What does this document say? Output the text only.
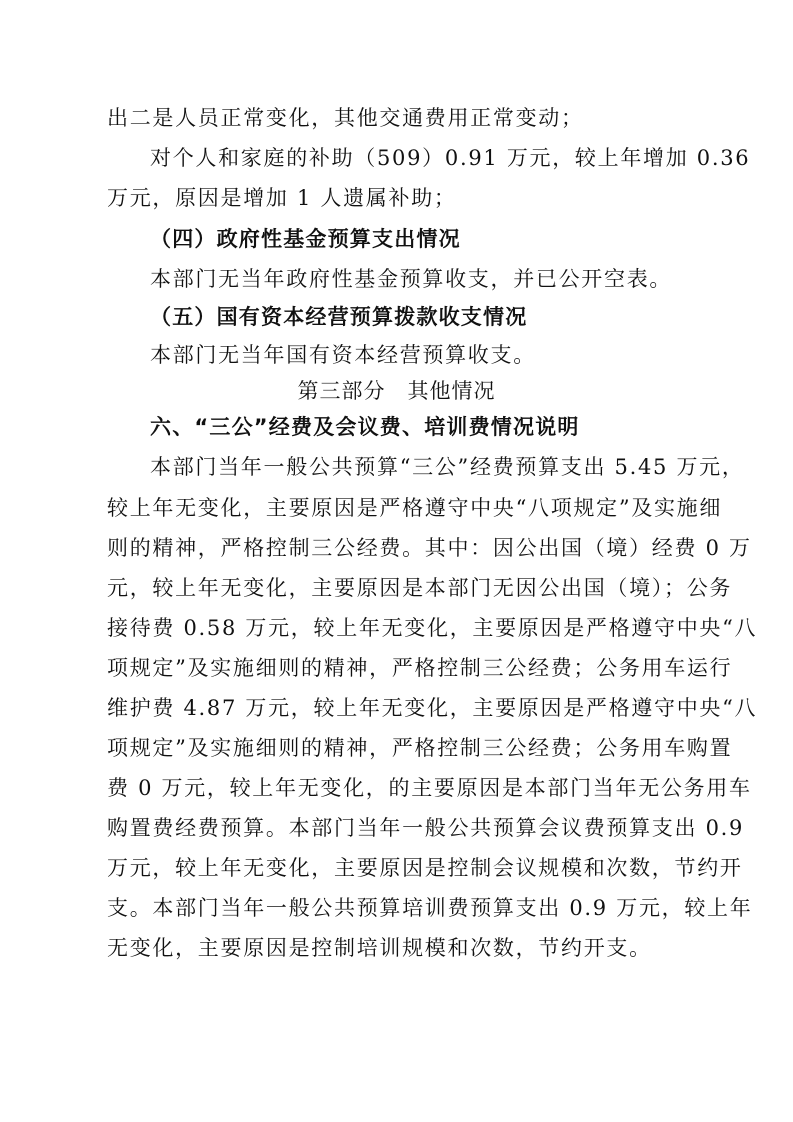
出二是人员正常变化，其他交通费用正常变动；
对个人和家庭的补助（509）0.91 万元，较上年增加 0.36
万元，原因是增加 1 人遗属补助；
（四）政府性基金预算支出情况
本部门无当年政府性基金预算收支，并已公开空表。
（五）国有资本经营预算拨款收支情况
本部门无当年国有资本经营预算收支。
第三部分　其他情况
六、“三公”经费及会议费、培训费情况说明
本部门当年一般公共预算“三公”经费预算支出 5.45 万元，
较上年无变化，主要原因是严格遵守中央“八项规定”及实施细
则的精神，严格控制三公经费。其中：因公出国（境）经费 0 万
元，较上年无变化，主要原因是本部门无因公出国（境）；公务
接待费 0.58 万元，较上年无变化，主要原因是严格遵守中央“八
项规定”及实施细则的精神，严格控制三公经费；公务用车运行
维护费 4.87 万元，较上年无变化，主要原因是严格遵守中央“八
项规定”及实施细则的精神，严格控制三公经费；公务用车购置
费 0 万元，较上年无变化，的主要原因是本部门当年无公务用车
购置费经费预算。本部门当年一般公共预算会议费预算支出 0.9
万元，较上年无变化，主要原因是控制会议规模和次数，节约开
支。本部门当年一般公共预算培训费预算支出 0.9 万元，较上年
无变化，主要原因是控制培训规模和次数，节约开支。
